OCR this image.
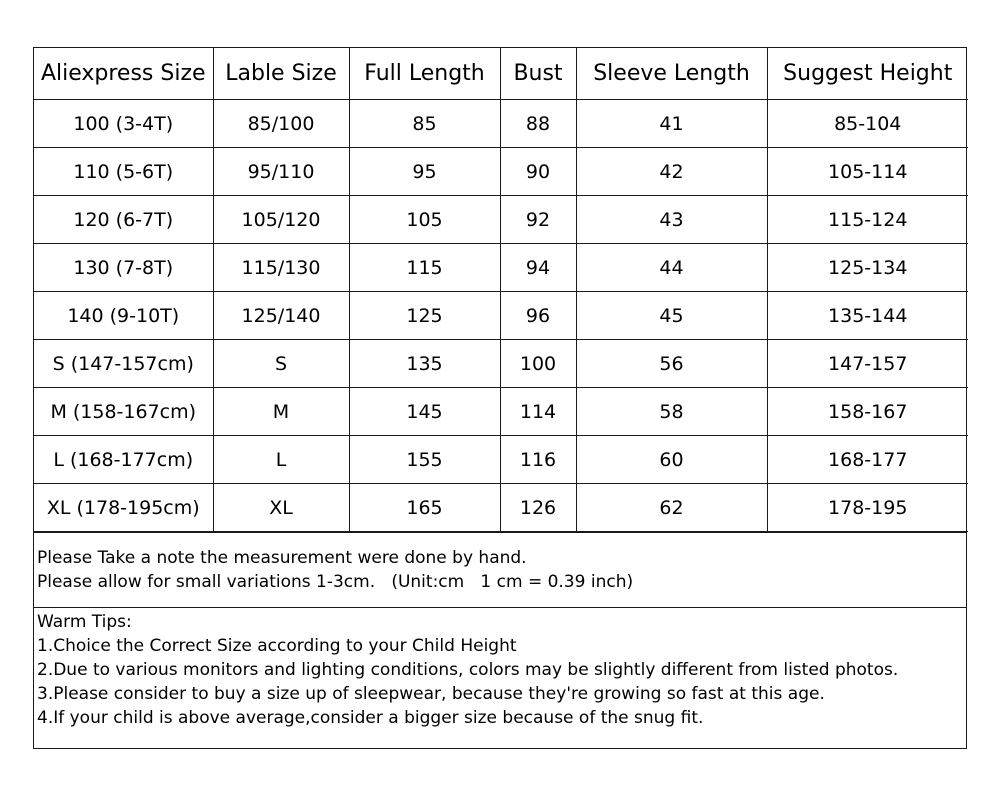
Aliexpress Size	Lable Size	Full Length	Bust	Sleeve Length	Suggest Height
100 (3-4T)	85/100	85	88	41	85-104
110 (5-6T)	95/110	95	90	42	105-114
120 (6-7T)	105/120	105	92	43	115-124
130 (7-8T)	115/130	115	94	44	125-134
140 (9-10T)	125/140	125	96	45	135-144
S (147-157cm)	S	135	100	56	147-157
M (158-167cm)	M	145	114	58	158-167
L (168-177cm)	L	155	116	60	168-177
XL (178-195cm)	XL	165	126	62	178-195
Please Take a note the measurement were done by hand.
Please allow for small variations 1-3cm.   (Unit:cm   1 cm = 0.39 inch)
Warm Tips:
1.Choice the Correct Size according to your Child Height
2.Due to various monitors and lighting conditions, colors may be slightly different from listed photos.
3.Please consider to buy a size up of sleepwear, because they're growing so fast at this age.
4.If your child is above average,consider a bigger size because of the snug fit.
